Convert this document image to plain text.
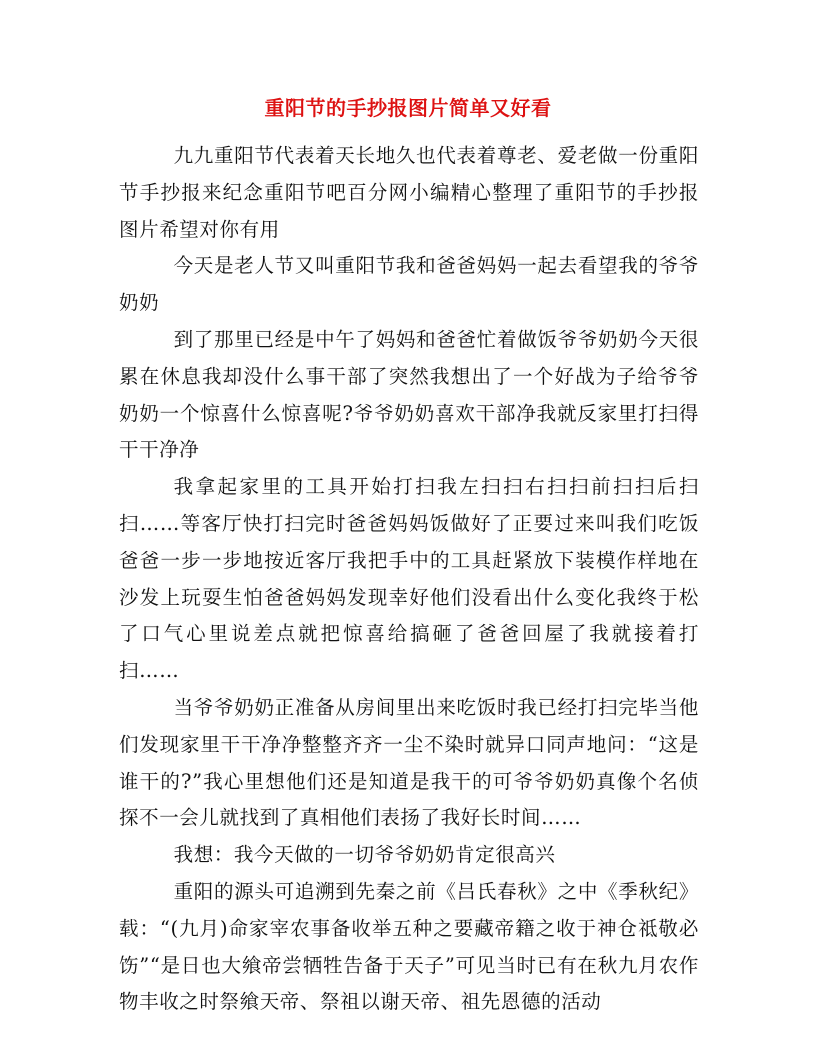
重阳节的手抄报图片简单又好看

九九重阳节代表着天长地久也代表着尊老、爱老做一份重阳节手抄报来纪念重阳节吧百分网小编精心整理了重阳节的手抄报图片希望对你有用

今天是老人节又叫重阳节我和爸爸妈妈一起去看望我的爷爷奶奶

到了那里已经是中午了妈妈和爸爸忙着做饭爷爷奶奶今天很累在休息我却没什么事干部了突然我想出了一个好战为子给爷爷奶奶一个惊喜什么惊喜呢?爷爷奶奶喜欢干部净我就反家里打扫得干干净净

我拿起家里的工具开始打扫我左扫扫右扫扫前扫扫后扫扫……等客厅快打扫完时爸爸妈妈饭做好了正要过来叫我们吃饭爸爸一步一步地按近客厅我把手中的工具赶紧放下装模作样地在沙发上玩耍生怕爸爸妈妈发现幸好他们没看出什么变化我终于松了口气心里说差点就把惊喜给搞砸了爸爸回屋了我就接着打扫……

当爷爷奶奶正准备从房间里出来吃饭时我已经打扫完毕当他们发现家里干干净净整整齐齐一尘不染时就异口同声地问：“这是谁干的?”我心里想他们还是知道是我干的可爷爷奶奶真像个名侦探不一会儿就找到了真相他们表扬了我好长时间……

我想：我今天做的一切爷爷奶奶肯定很高兴

重阳的源头可追溯到先秦之前《吕氏春秋》之中《季秋纪》载：“(九月)命家宰农事备收举五种之要藏帝籍之收于神仓祗敬必饬”“是日也大飨帝尝牺牲告备于天子”可见当时已有在秋九月农作物丰收之时祭飨天帝、祭祖以谢天帝、祖先恩德的活动
